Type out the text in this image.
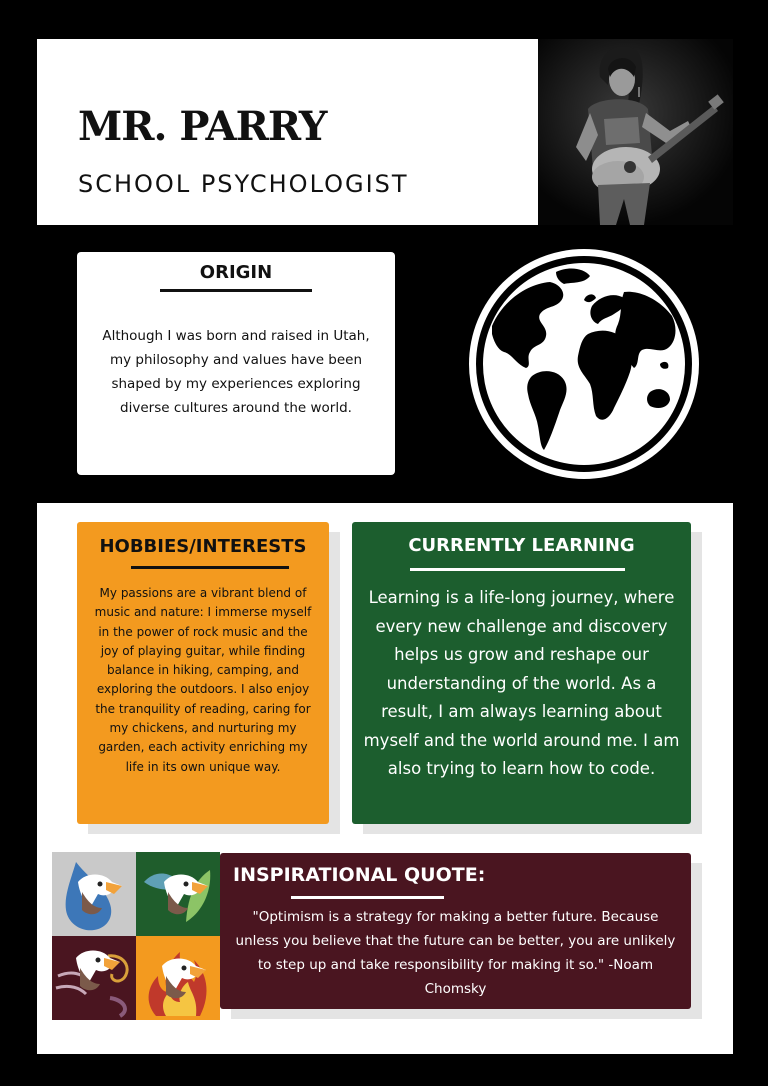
MR. PARRY
SCHOOL PSYCHOLOGIST
ORIGIN

Although I was born and raised in Utah, my philosophy and values have been shaped by my experiences exploring diverse cultures around the world.

HOBBIES/INTERESTS

My passions are a vibrant blend of music and nature: I immerse myself in the power of rock music and the joy of playing guitar, while finding balance in hiking, camping, and exploring the outdoors. I also enjoy the tranquility of reading, caring for my chickens, and nurturing my garden, each activity enriching my life in its own unique way.

CURRENTLY LEARNING

Learning is a life-long journey, where every new challenge and discovery helps us grow and reshape our understanding of the world. As a result, I am always learning about myself and the world around me. I am also trying to learn how to code.

INSPIRATIONAL QUOTE:

"Optimism is a strategy for making a better future. Because unless you believe that the future can be better, you are unlikely to step up and take responsibility for making it so." -Noam Chomsky
